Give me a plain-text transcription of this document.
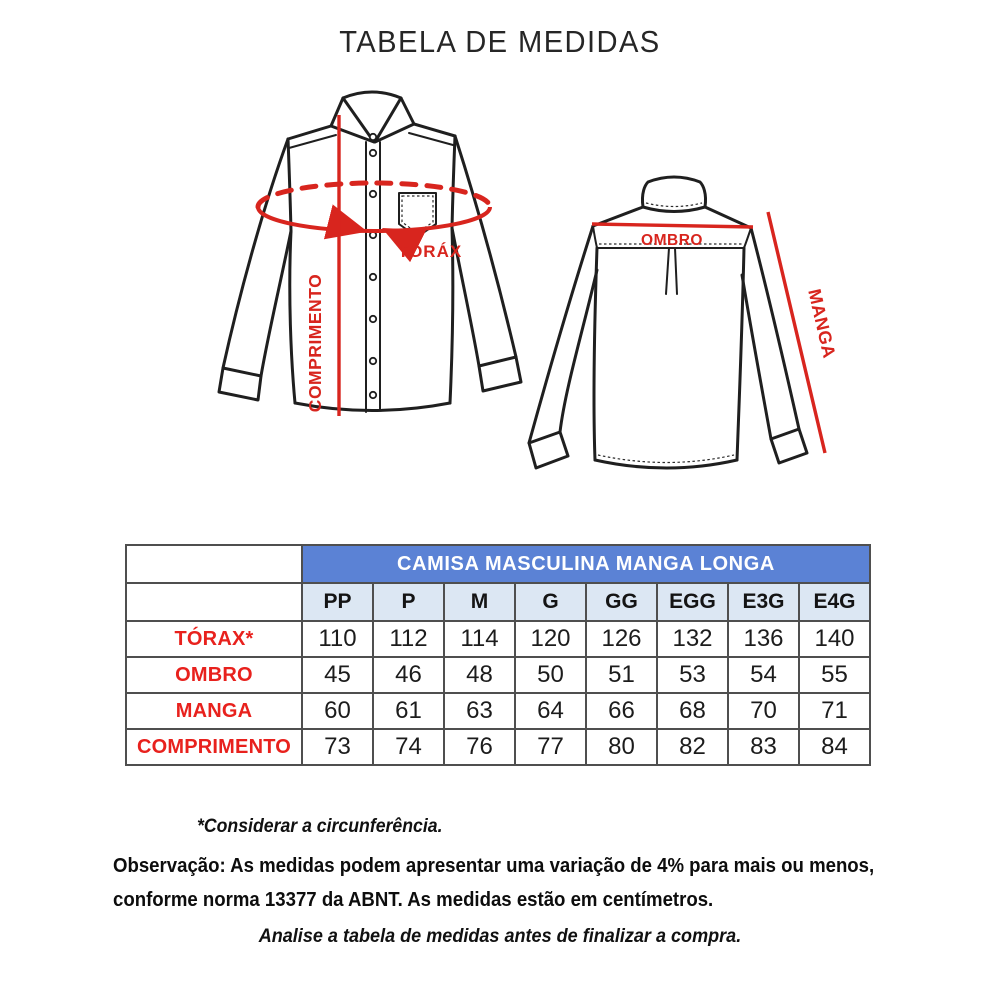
TABELA DE MEDIDAS
TORÁX
COMPRIMENTO
OMBRO
MANGA
	CAMISA MASCULINA MANGA LONGA							
	PP	P	M	G	GG	EGG	E3G	E4G
TÓRAX*	110	112	114	120	126	132	136	140
OMBRO	45	46	48	50	51	53	54	55
MANGA	60	61	63	64	66	68	70	71
COMPRIMENTO	73	74	76	77	80	82	83	84
*Considerar a circunferência.
Observação: As medidas podem apresentar uma variação de 4% para mais ou menos,
conforme norma 13377 da ABNT. As medidas estão em centímetros.
Analise a tabela de medidas antes de finalizar a compra.
